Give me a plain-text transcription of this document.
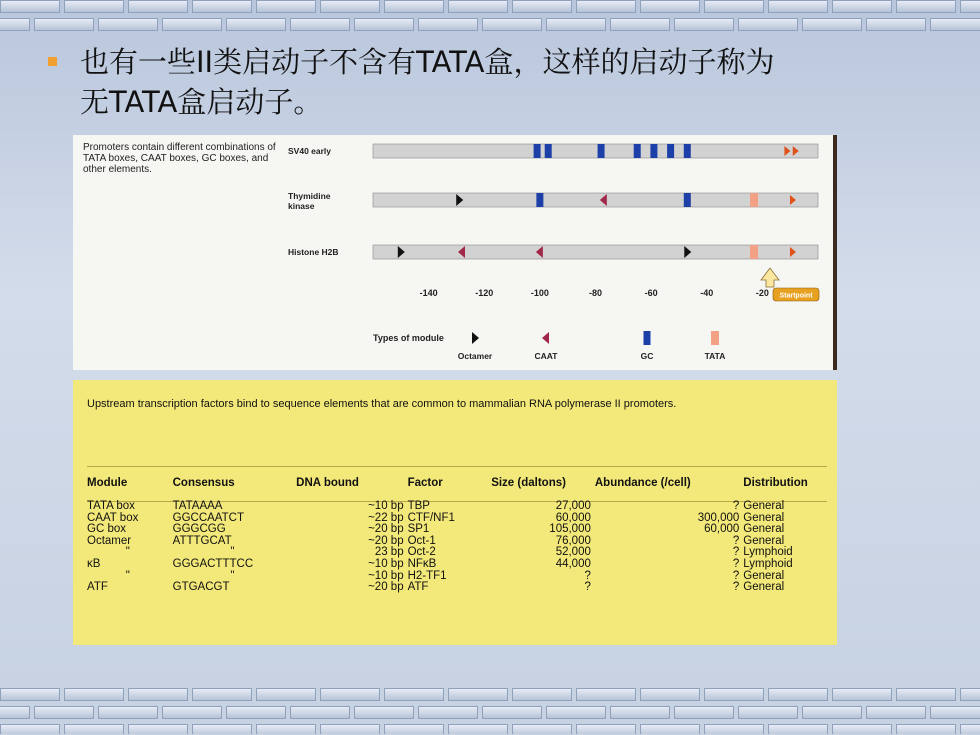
也有一些II类启动子不含有TATA盒，这样的启动子称为
无TATA盒启动子。
Promoters contain different combinations of TATA boxes, CAAT boxes, GC boxes, and other elements.
SV40 early
Thymidine
kinase
Histone H2B
-140	-120	-100	-80	-60	-40	-20 Startpoint
Types of module
Octamer	CAAT	GC	TATA
Upstream transcription factors bind to sequence elements that are common to mammalian RNA polymerase II promoters.
Module	Consensus	DNA bound	Factor	Size (daltons)	Abundance (/cell)	Distribution
TATA box	TATAAAA	~10 bp	TBP	27,000	?	General
CAAT box	GGCCAATCT	~22 bp	CTF/NF1	60,000	300,000	General
GC box	GGGCGG	~20 bp	SP1	105,000	60,000	General
Octamer	ATTTGCAT	~20 bp	Oct-1	76,000	?	General
"	"	23 bp	Oct-2	52,000	?	Lymphoid
κB	GGGACTTTCC	~10 bp	NFκB	44,000	?	Lymphoid
"	"	~10 bp	H2-TF1	?	?	General
ATF	GTGACGT	~20 bp	ATF	?	?	General
